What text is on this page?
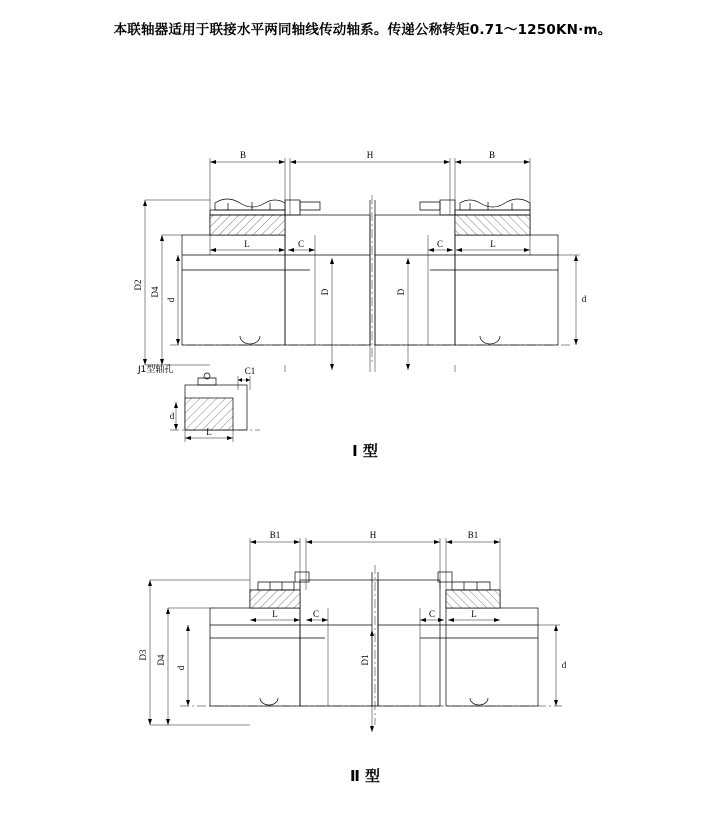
本联轴器适用于联接水平两同轴线传动轴系。传递公称转矩0.71～1250KN·m。
B	H	B
D2
D4
d	d
L	C
D	D
C	L
J1型轴孔
d
L
C1
Ⅰ 型
B1	H	B1
D3 D4
d	d
L	C
D1
C	L
Ⅱ 型
